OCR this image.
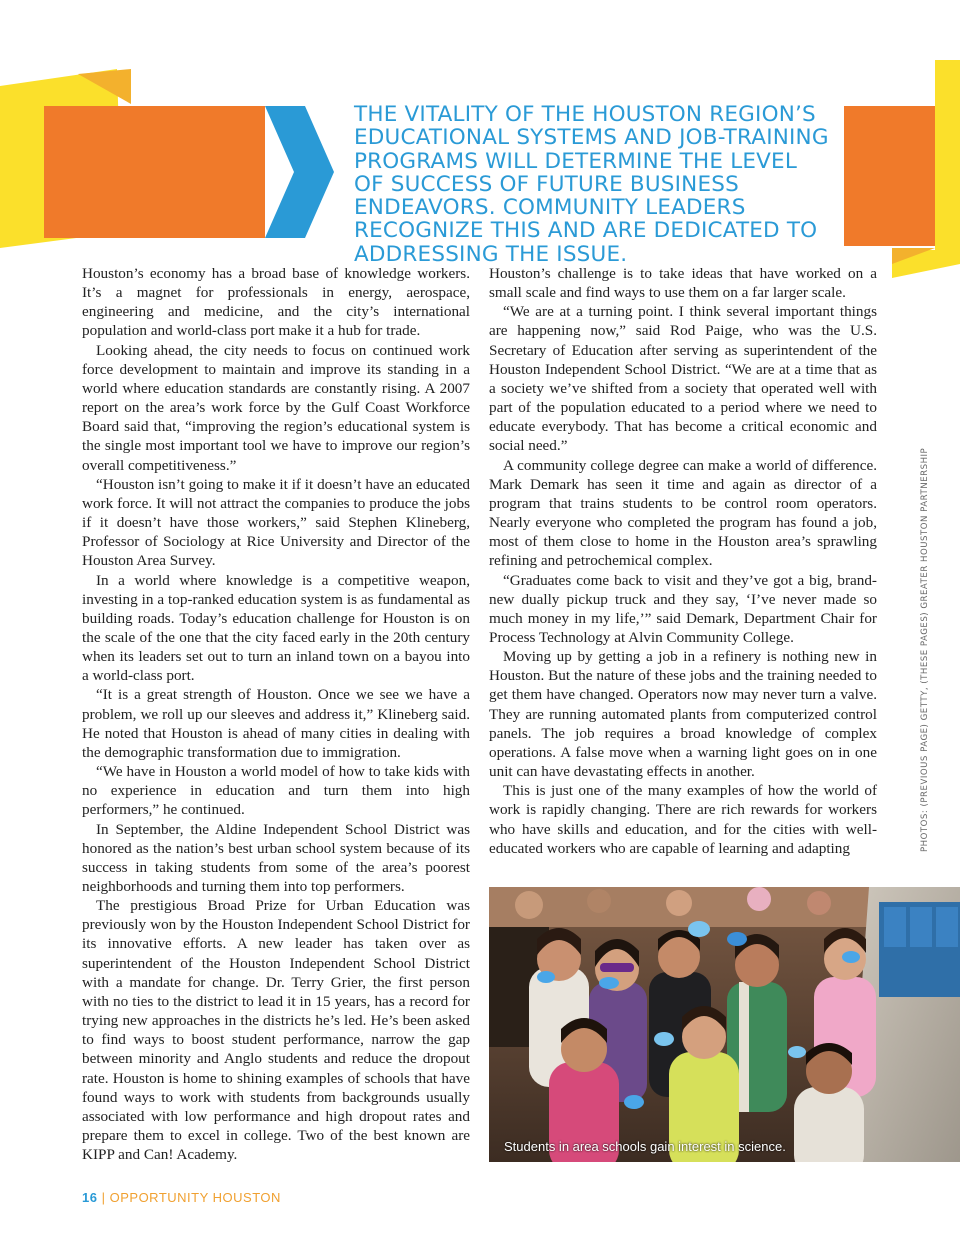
THE VITALITY OF THE HOUSTON REGION’S EDUCATIONAL SYSTEMS AND JOB-TRAINING PROGRAMS WILL DETERMINE THE LEVEL OF SUCCESS OF FUTURE BUSINESS ENDEAVORS. COMMUNITY LEADERS RECOGNIZE THIS AND ARE DEDICATED TO ADDRESSING THE ISSUE.

Houston’s economy has a broad base of knowledge workers. It’s a magnet for professionals in energy, aerospace, engineering and medicine, and the city’s international population and world-class port make it a hub for trade.

Looking ahead, the city needs to focus on continued work force development to maintain and improve its standing in a world where education standards are constantly rising. A 2007 report on the area’s work force by the Gulf Coast Workforce Board said that, “improving the region’s educational system is the single most important tool we have to improve our region’s overall competitiveness.”

“Houston isn’t going to make it if it doesn’t have an educated work force. It will not attract the companies to produce the jobs if it doesn’t have those workers,” said Stephen Klineberg, Professor of Sociology at Rice University and Director of the Houston Area Survey.

In a world where knowledge is a competitive weapon, investing in a top-ranked education system is as fundamental as building roads. Today’s education challenge for Houston is on the scale of the one that the city faced early in the 20th century when its leaders set out to turn an inland town on a bayou into a world-class port.

“It is a great strength of Houston. Once we see we have a problem, we roll up our sleeves and address it,” Klineberg said. He noted that Houston is ahead of many cities in dealing with the demographic transformation due to immigration.

“We have in Houston a world model of how to take kids with no experience in education and turn them into high performers,” he continued.

In September, the Aldine Independent School District was honored as the nation’s best urban school system because of its success in taking students from some of the area’s poorest neighborhoods and turning them into top performers.

The prestigious Broad Prize for Urban Education was previously won by the Houston Independent School District for its innovative efforts. A new leader has taken over as superintendent of the Houston Independent School District with a mandate for change. Dr. Terry Grier, the first person with no ties to the district to lead it in 15 years, has a record for trying new approaches in the districts he’s led. He’s been asked to find ways to boost student performance, narrow the gap between minority and Anglo students and reduce the dropout rate. Houston is home to shining examples of schools that have found ways to work with students from backgrounds usually associated with low performance and high dropout rates and prepare them to excel in college. Two of the best known are KIPP and Can! Academy.

Houston’s challenge is to take ideas that have worked on a small scale and find ways to use them on a far larger scale.

“We are at a turning point. I think several important things are happening now,” said Rod Paige, who was the U.S. Secretary of Education after serving as superintendent of the Houston Independent School District. “We are at a time that as a society we’ve shifted from a society that operated well with part of the population educated to a period where we need to educate everybody. That has become a critical economic and social need.”

A community college degree can make a world of difference. Mark Demark has seen it time and again as director of a program that trains students to be control room operators. Nearly everyone who completed the program has found a job, most of them close to home in the Houston area’s sprawling refining and petrochemical complex.

“Graduates come back to visit and they’ve got a big, brand-new dually pickup truck and they say, ‘I’ve never made so much money in my life,’” said Demark, Department Chair for Process Technology at Alvin Community College.

Moving up by getting a job in a refinery is nothing new in Houston. But the nature of these jobs and the training needed to get them have changed. Operators now may never turn a valve. They are running automated plants from computerized control panels. The job requires a broad knowledge of complex operations. A false move when a warning light goes on in one unit can have devastating effects in another.

This is just one of the many examples of how the world of work is rapidly changing. There are rich rewards for workers who have skills and education, and for the cities with well-educated workers who are capable of learning and adapting

Students in area schools gain interest in science.
PHOTOS: (PREVIOUS PAGE) GETTY, (THESE PAGES) GREATER HOUSTON PARTNERSHIP
16 | OPPORTUNITY HOUSTON
